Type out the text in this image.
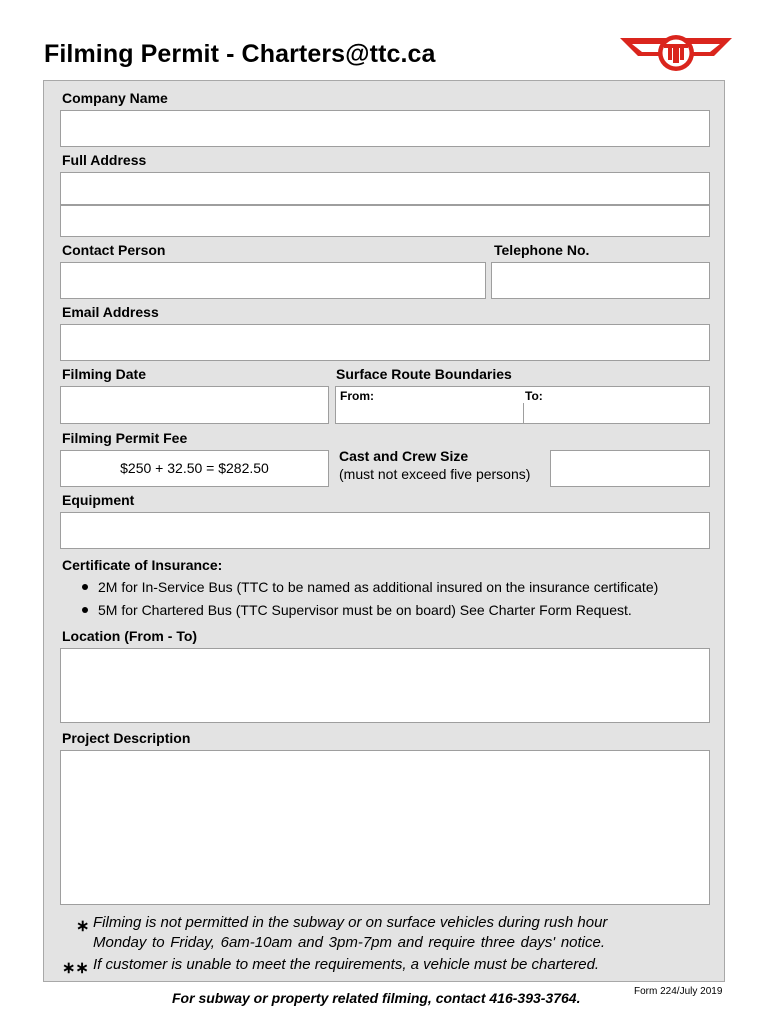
Filming Permit - Charters@ttc.ca
Company Name
Full Address
Contact Person	Telephone No.
Email Address
Filming Date	Surface Route Boundaries
From:	To:
Filming Permit Fee
$250 + 32.50 = $282.50
Cast and Crew Size
(must not exceed five persons)
Equipment
Certificate of Insurance:
2M for In-Service Bus (TTC to be named as additional insured on the insurance certificate)
5M for Chartered Bus (TTC Supervisor must be on board) See Charter Form Request.
Location (From - To)
Project Description
∗ Filming is not permitted in the subway or on surface vehicles during rush hour
Monday to Friday, 6am-10am and 3pm-7pm and require three days' notice.
∗∗ If customer is unable to meet the requirements, a vehicle must be chartered.
For subway or property related filming, contact 416-393-3764.	Form 224/July 2019
